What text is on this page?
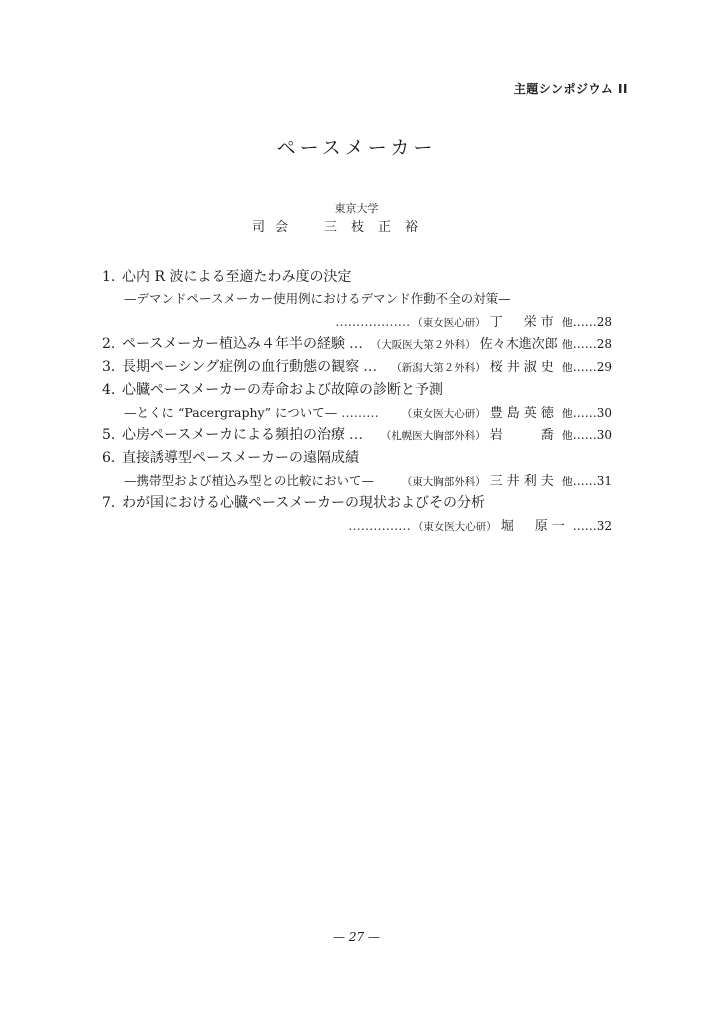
主題シンポジウム II
ペースメーカー
東京大学
司会 三枝正裕
1. 心内 R 波による至適たわみ度の決定
—デマンドペースメーカー使用例におけるデマンド作動不全の対策—
……………… （東女医心研） 丁　栄市 他 …… 28
2. ペースメーカー植込み４年半の経験 … （大阪医大第２外科） 佐々木進次郎 他 …… 28
3. 長期ペーシング症例の血行動態の観察 …	（新潟大第２外科） 桜井淑史 他 …… 29
4. 心臓ペースメーカーの寿命および故障の診断と予測
—とくに “Pacergraphy” について— ………	（東女医大心研） 豊島英徳 他 …… 30
5. 心房ペースメーカによる頻拍の治療 …	（札幌医大胸部外科） 岩　　喬 他 …… 30
6. 直接誘導型ペースメーカーの遠隔成績
—携帯型および植込み型との比較において—	（東大胸部外科） 三井利夫 他 …… 31
7. わが国における心臓ペースメーカーの現状およびその分析
…………… （東女医大心研） 堀　原一 …… 32
— 27 —
